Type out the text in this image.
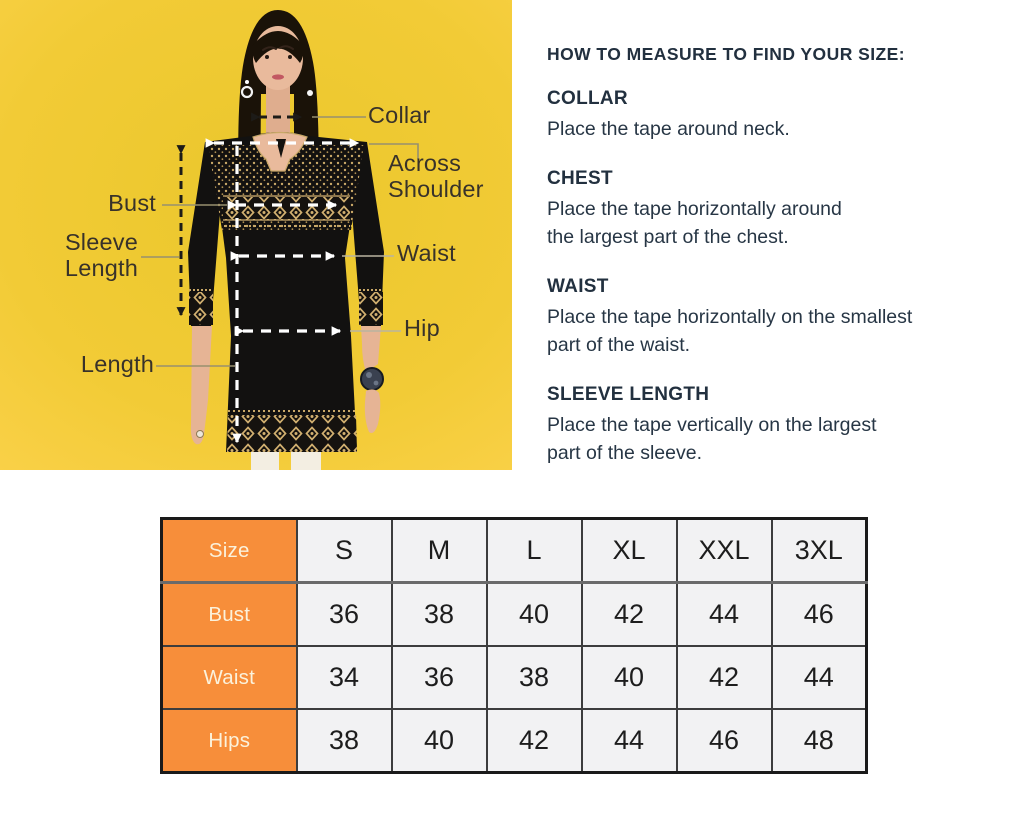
Bust
Sleeve Length
Length
Collar
Across Shoulder
Waist
Hip
HOW TO MEASURE TO FIND YOUR SIZE:
COLLAR
Place the tape around neck.
CHEST
Place the tape horizontally around
the largest part of the chest.
WAIST
Place the tape horizontally on the smallest
part of the waist.
SLEEVE LENGTH
Place the tape vertically on the largest
part of the sleeve.
Size	S	M	L	XL	XXL	3XL
Bust	36	38	40	42	44	46
Waist	34	36	38	40	42	44
Hips	38	40	42	44	46	48
